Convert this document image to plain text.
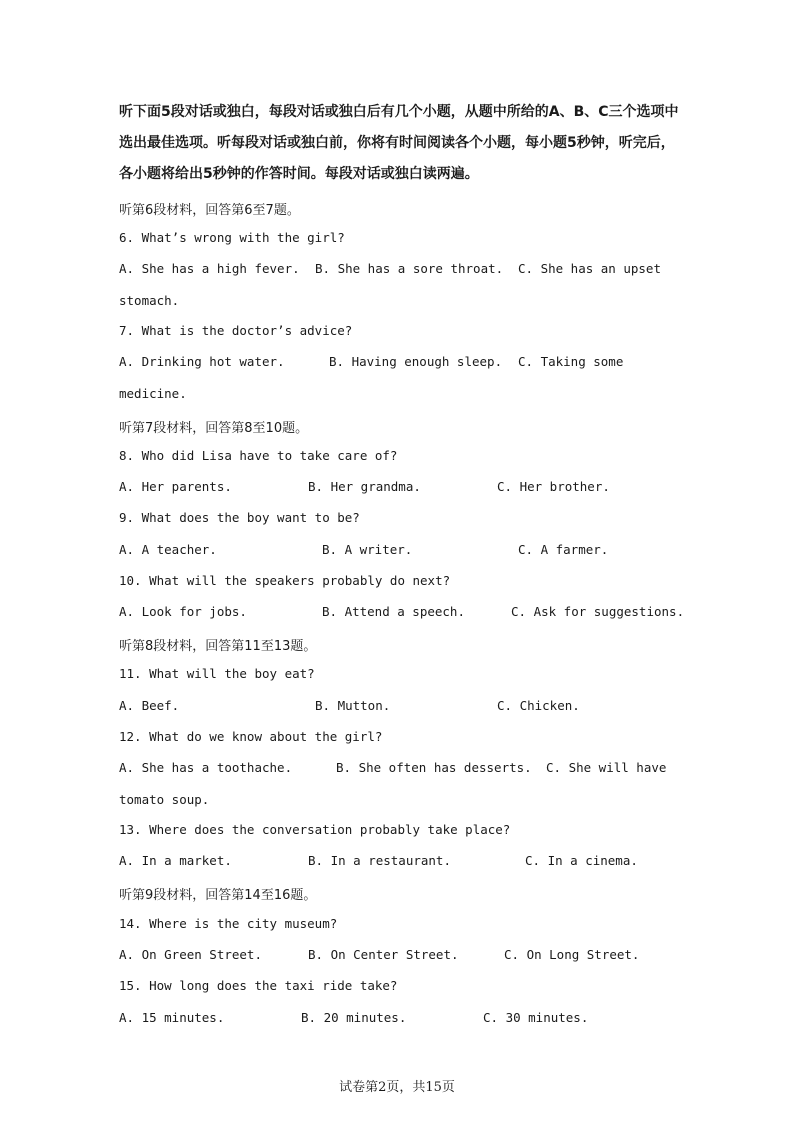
听下面5段对话或独白，每段对话或独白后有几个小题，从题中所给的A、B、C三个选项中选出最佳选项。听每段对话或独白前，你将有时间阅读各个小题，每小题5秒钟，听完后，各小题将给出5秒钟的作答时间。每段对话或独白读两遍。
听第6段材料，回答第6至7题。
6. What’s wrong with the girl?
A. She has a high fever. B. She has a sore throat. C. She has an upset
stomach.
7. What is the doctor’s advice?
A. Drinking hot water.	B. Having enough sleep. C. Taking some
medicine.
听第7段材料，回答第8至10题。
8. Who did Lisa have to take care of?
A. Her parents.	B. Her grandma.	C. Her brother.
9. What does the boy want to be?
A. A teacher.	B. A writer.	C. A farmer.
10. What will the speakers probably do next?
A. Look for jobs.	B. Attend a speech.	C. Ask for suggestions.
听第8段材料，回答第11至13题。
11. What will the boy eat?
A. Beef.	B. Mutton.	C. Chicken.
12. What do we know about the girl?
A. She has a toothache.	B. She often has desserts. C. She will have
tomato soup.
13. Where does the conversation probably take place?
A. In a market.	B. In a restaurant.	C. In a cinema.
听第9段材料，回答第14至16题。
14. Where is the city museum?
A. On Green Street.	B. On Center Street.	C. On Long Street.
15. How long does the taxi ride take?
A. 15 minutes.	B. 20 minutes.	C. 30 minutes.
试卷第2页，共15页
